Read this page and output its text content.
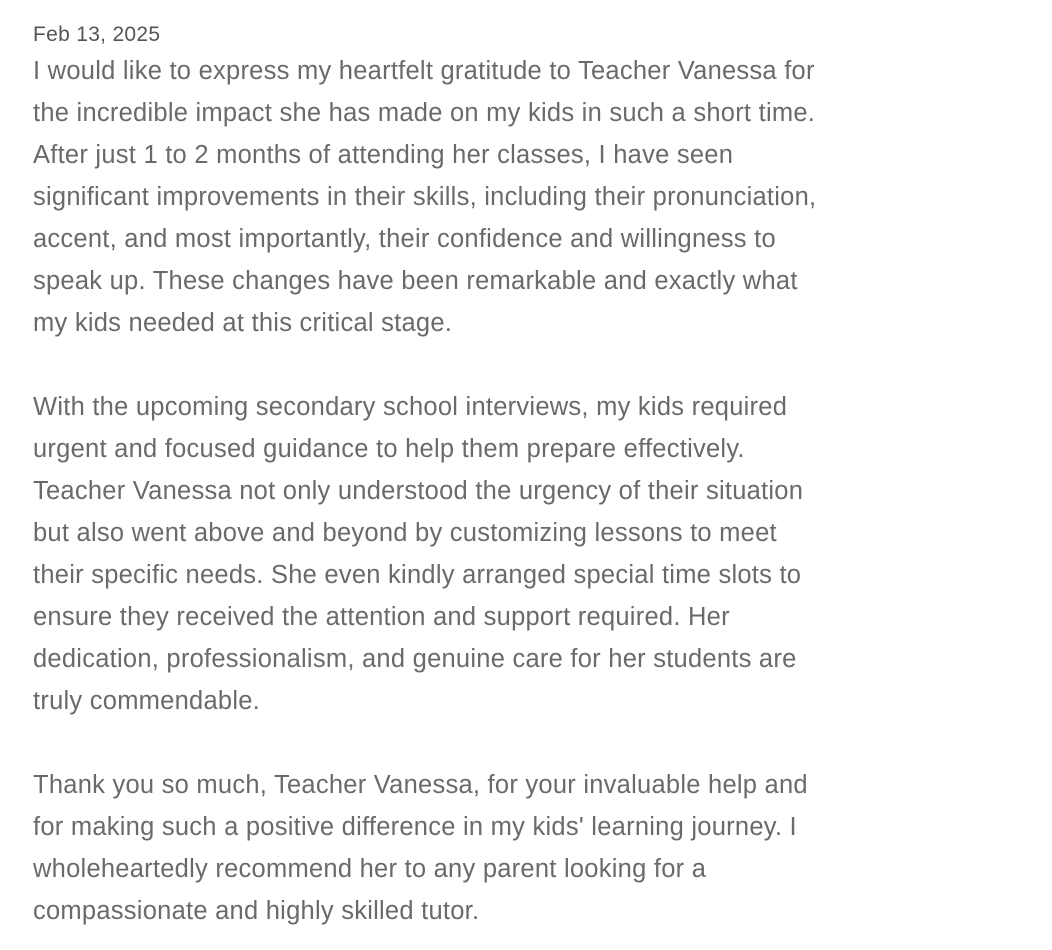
Feb 13, 2025

I would like to express my heartfelt gratitude to Teacher Vanessa for
the incredible impact she has made on my kids in such a short time.
After just 1 to 2 months of attending her classes, I have seen
significant improvements in their skills, including their pronunciation,
accent, and most importantly, their confidence and willingness to
speak up. These changes have been remarkable and exactly what
my kids needed at this critical stage.

With the upcoming secondary school interviews, my kids required
urgent and focused guidance to help them prepare effectively.
Teacher Vanessa not only understood the urgency of their situation
but also went above and beyond by customizing lessons to meet
their specific needs. She even kindly arranged special time slots to
ensure they received the attention and support required. Her
dedication, professionalism, and genuine care for her students are
truly commendable.

Thank you so much, Teacher Vanessa, for your invaluable help and
for making such a positive difference in my kids' learning journey. I
wholeheartedly recommend her to any parent looking for a
compassionate and highly skilled tutor.
